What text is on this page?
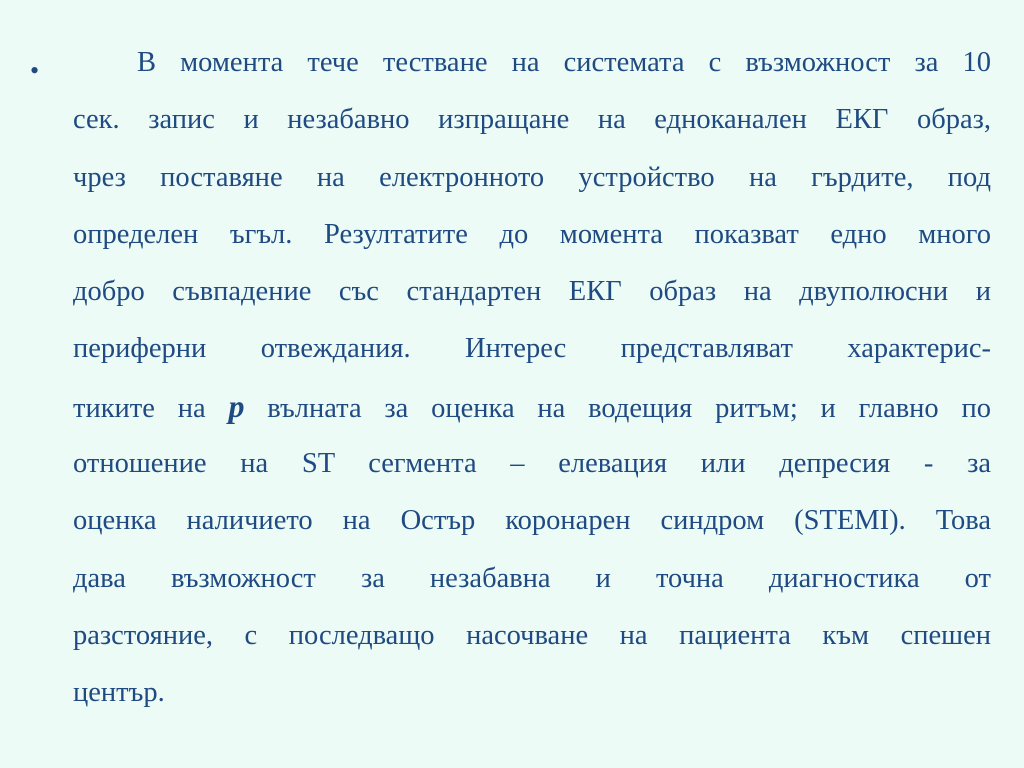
•	В момента тече тестване на системата с възможност за 10
сек. запис и незабавно изпращане на едноканален ЕКГ образ,
чрез поставяне на електронното устройство на гърдите, под
определен ъгъл. Резултатите до момента показват едно много
добро съвпадение със стандартен ЕКГ образ на двуполюсни и
периферни отвеждания. Интерес представляват характерис-
тиките на p вълната за оценка на водещия ритъм; и главно по
отношение на ST сегмента – елевация или депресия - за
оценка наличието на Остър коронарен синдром (STEMI). Това
дава възможност за незабавна и точна диагностика от
разстояние, с последващо насочване на пациента към спешен
център.
